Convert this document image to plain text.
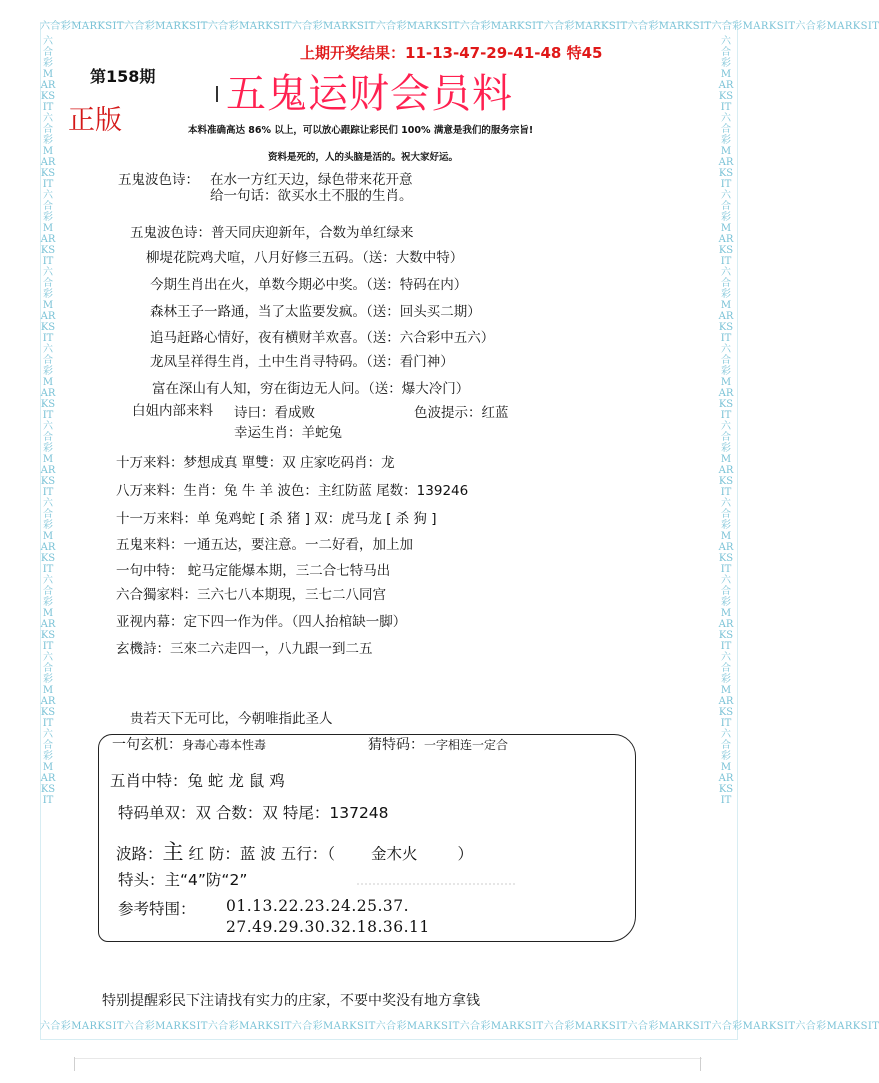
六合彩MARKSIT六合彩MARKSIT六合彩MARKSIT六合彩MARKSIT六合彩MARKSIT六合彩MARKSIT六合彩MARKSIT六合彩MARKSIT六合彩MARKSIT六合彩MARKSIT
六合彩MARKSIT六合彩MARKSIT六合彩MARKSIT六合彩MARKSIT六合彩MARKSIT六合彩MARKSIT六合彩MARKSIT六合彩MARKSIT六合彩MARKSIT六合彩MARKSIT
六合彩MARKSIT六合彩MARKSIT六合彩MARKSIT六合彩MARKSIT六合彩MARKSIT六合彩MARKSIT六合彩MARKSIT六合彩MARKSIT六合彩MARKSIT六合彩MARKSIT
六合彩MARKSIT六合彩MARKSIT六合彩MARKSIT六合彩MARKSIT六合彩MARKSIT六合彩MARKSIT六合彩MARKSIT六合彩MARKSIT六合彩MARKSIT六合彩MARKSIT
上期开奖结果：11-13-47-29-41-48 特45
第158期
正版
五鬼运财会员料
本料准确高达 86% 以上，可以放心跟踪让彩民们 100% 满意是我们的服务宗旨!
资料是死的，人的头脑是活的。祝大家好运。
五鬼波色诗： 在水一方红天边，绿色带来花开意
给一句话：欲买水土不服的生肖。
五鬼波色诗：普天同庆迎新年，合数为单红绿来
柳堤花院鸡犬喧，八月好修三五码。（送：大数中特）
今期生肖出在火，单数今期必中奖。（送：特码在内）
森林王子一路通，当了太监要发疯。（送：回头买二期）
追马赶路心情好，夜有横财羊欢喜。（送：六合彩中五六）
龙凤呈祥得生肖，土中生肖寻特码。（送：看门神）
富在深山有人知，穷在街边无人问。（送：爆大冷门）
白姐内部来料 诗曰：看成败	色波提示：红蓝
幸运生肖：羊蛇兔
十万来料：梦想成真 單雙：双 庄家吃码肖：龙
八万来料：生肖：兔 牛 羊 波色：主红防蓝 尾数：139246
十一万来料：单 兔鸡蛇 [ 杀 猪 ] 双：虎马龙 [ 杀 狗 ]
五鬼来料：一通五达，要注意。一二好看，加上加
一句中特： 蛇马定能爆本期，三二合七特马出
六合獨家料：三六七八本期現，三七二八同宫
亚视内幕：定下四一作为伴。（四人抬棺缺一脚）
玄機詩：三來二六走四一，八九跟一到二五
贵若天下无可比，今朝唯指此圣人
一句玄机：身毒心毒本性毒	猜特码：一字相连一定合
五肖中特：兔 蛇 龙 鼠 鸡
特码单双：双 合数：双 特尾：137248
波路：主 红 防：蓝 波 五行：（ 金木火	）
特头：主“4”防“2”
参考特围： 01.13.22.23.24.25.37.
27.49.29.30.32.18.36.11
特别提醒彩民下注请找有实力的庄家，不要中奖没有地方拿钱
